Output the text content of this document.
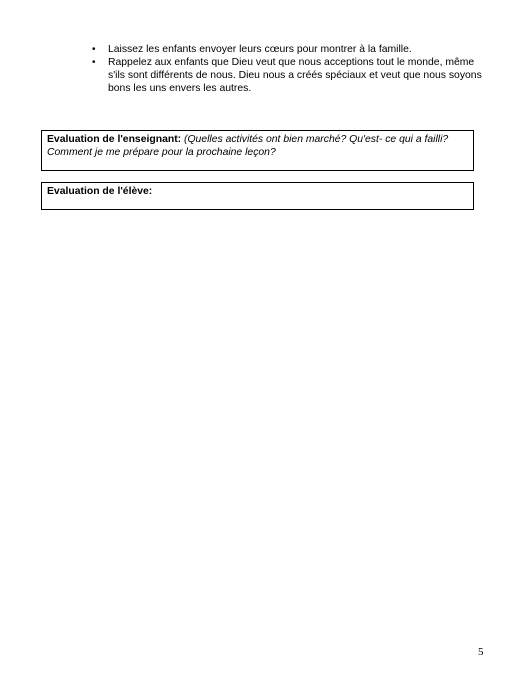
• Laissez les enfants envoyer leurs cœurs pour montrer à la famille.
• Rappelez aux enfants que Dieu veut que nous acceptions tout le monde, même s'ils sont différents de nous. Dieu nous a créés spéciaux et veut que nous soyons bons les uns envers les autres.
Evaluation de l'enseignant: (Quelles activités ont bien marché? Qu'est- ce qui a failli? Comment je me prépare pour la prochaine leçon?
Evaluation de l'élève:
5
